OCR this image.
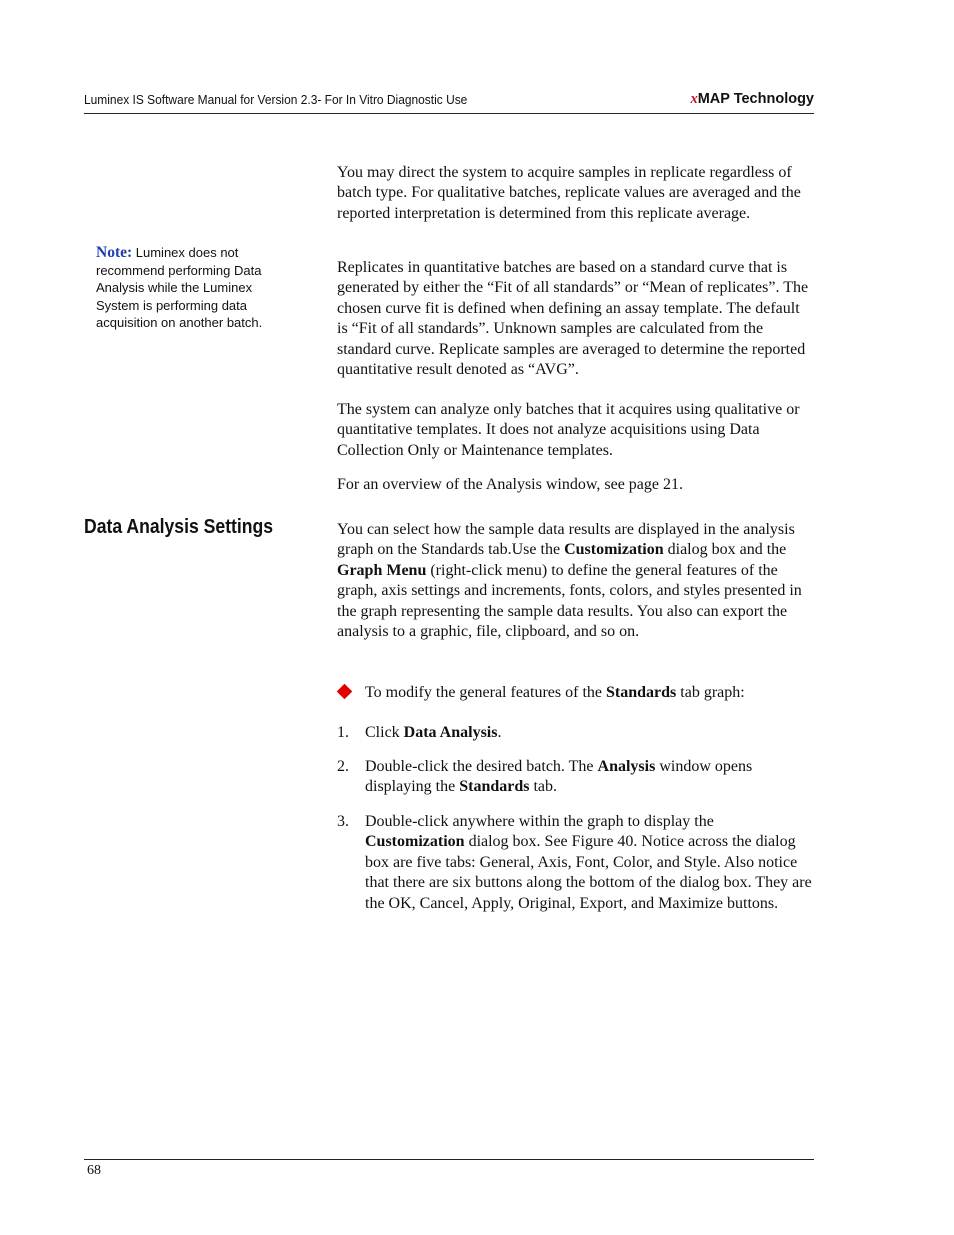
Luminex IS Software Manual for Version 2.3- For In Vitro Diagnostic Use	xMAP Technology
Note: Luminex does not recommend performing Data Analysis while the Luminex System is performing data acquisition on another batch.

You may direct the system to acquire samples in replicate regardless of batch type. For qualitative batches, replicate values are averaged and the reported interpretation is determined from this replicate average.

Replicates in quantitative batches are based on a standard curve that is generated by either the “Fit of all standards” or “Mean of replicates”. The chosen curve fit is defined when defining an assay template. The default is “Fit of all standards”. Unknown samples are calculated from the standard curve. Replicate samples are averaged to determine the reported quantitative result denoted as “AVG”.

The system can analyze only batches that it acquires using qualitative or quantitative templates. It does not analyze acquisitions using Data Collection Only or Maintenance templates.

For an overview of the Analysis window, see page 21.

Data Analysis Settings	You can select how the sample data results are displayed in the analysis graph on the Standards tab.Use the Customization dialog box and the Graph Menu (right-click menu) to define the general features of the graph, axis settings and increments, fonts, colors, and styles presented in the graph representing the sample data results. You also can export the analysis to a graphic, file, clipboard, and so on.

To modify the general features of the Standards tab graph:
1. Click Data Analysis.
2. Double-click the desired batch. The Analysis window opens displaying the Standards tab.
3. Double-click anywhere within the graph to display the Customization dialog box. See Figure 40. Notice across the dialog box are five tabs: General, Axis, Font, Color, and Style. Also notice that there are six buttons along the bottom of the dialog box. They are the OK, Cancel, Apply, Original, Export, and Maximize buttons.
68
